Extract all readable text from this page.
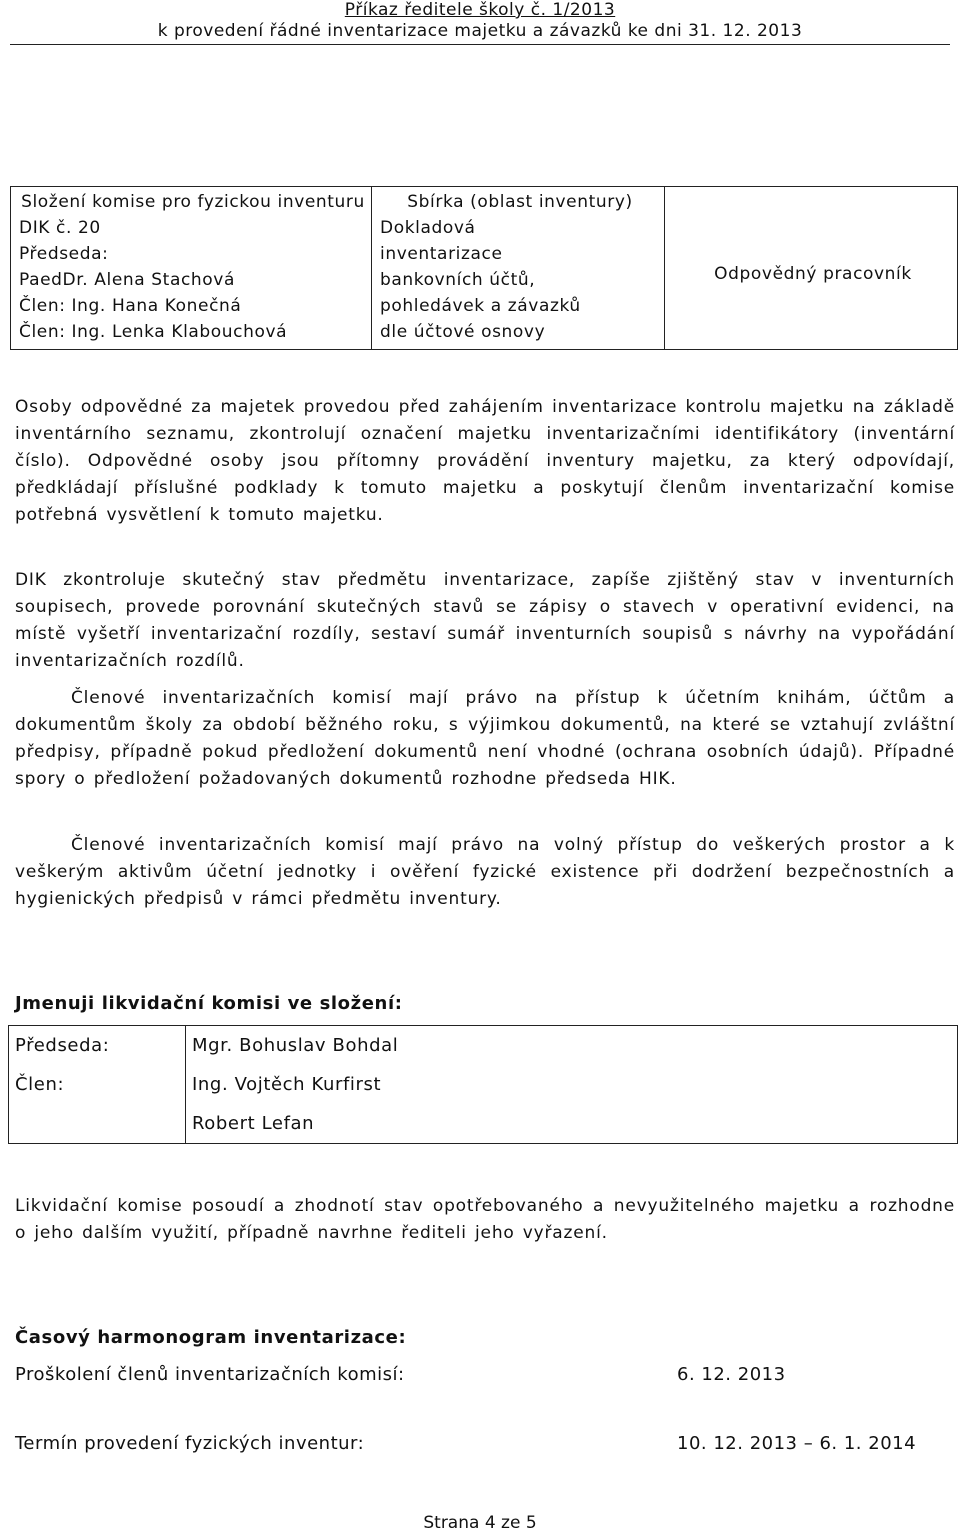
Příkaz ředitele školy č. 1/2013
k provedení řádné inventarizace majetku a závazků ke dni 31. 12. 2013
Složení komise pro fyzickou inventuru
DIK č. 20
Předseda:
PaedDr. Alena Stachová
Člen: Ing. Hana Konečná
Člen: Ing. Lenka Klabouchová

Sbírka (oblast inventury)
Dokladová
inventarizace
bankovních účtů,
pohledávek a závazků
dle účtové osnovy

Odpovědný pracovník
Osoby odpovědné za majetek provedou před zahájením inventarizace kontrolu majetku na základě inventárního seznamu, zkontrolují označení majetku inventarizačními identifikátory (inventární číslo). Odpovědné osoby jsou přítomny provádění inventury majetku, za který odpovídají, předkládají příslušné podklady k tomuto majetku a poskytují členům inventarizační komise potřebná vysvětlení k tomuto majetku.
DIK zkontroluje skutečný stav předmětu inventarizace, zapíše zjištěný stav v inventurních soupisech, provede porovnání skutečných stavů se zápisy o stavech v operativní evidenci, na místě vyšetří inventarizační rozdíly, sestaví sumář inventurních soupisů s návrhy na vypořádání inventarizačních rozdílů.
Členové inventarizačních komisí mají právo na přístup k účetním knihám, účtům a dokumentům školy za období běžného roku, s výjimkou dokumentů, na které se vztahují zvláštní předpisy, případně pokud předložení dokumentů není vhodné (ochrana osobních údajů). Případné spory o předložení požadovaných dokumentů rozhodne předseda HIK.
Členové inventarizačních komisí mají právo na volný přístup do veškerých prostor a k veškerým aktivům účetní jednotky i ověření fyzické existence při dodržení bezpečnostních a hygienických předpisů v rámci předmětu inventury.
Jmenuji likvidační komisi ve složení:
Předseda:	Mgr. Bohuslav Bohdal
Člen:	Ing. Vojtěch Kurfirst
	Robert Lefan
Likvidační komise posoudí a zhodnotí stav opotřebovaného a nevyužitelného majetku a rozhodne o jeho dalším využití, případně navrhne řediteli jeho vyřazení.
Časový harmonogram inventarizace:
Proškolení členů inventarizačních komisí:	6. 12. 2013
Termín provedení fyzických inventur:	10. 12. 2013 – 6. 1. 2014
Strana 4 ze 5
